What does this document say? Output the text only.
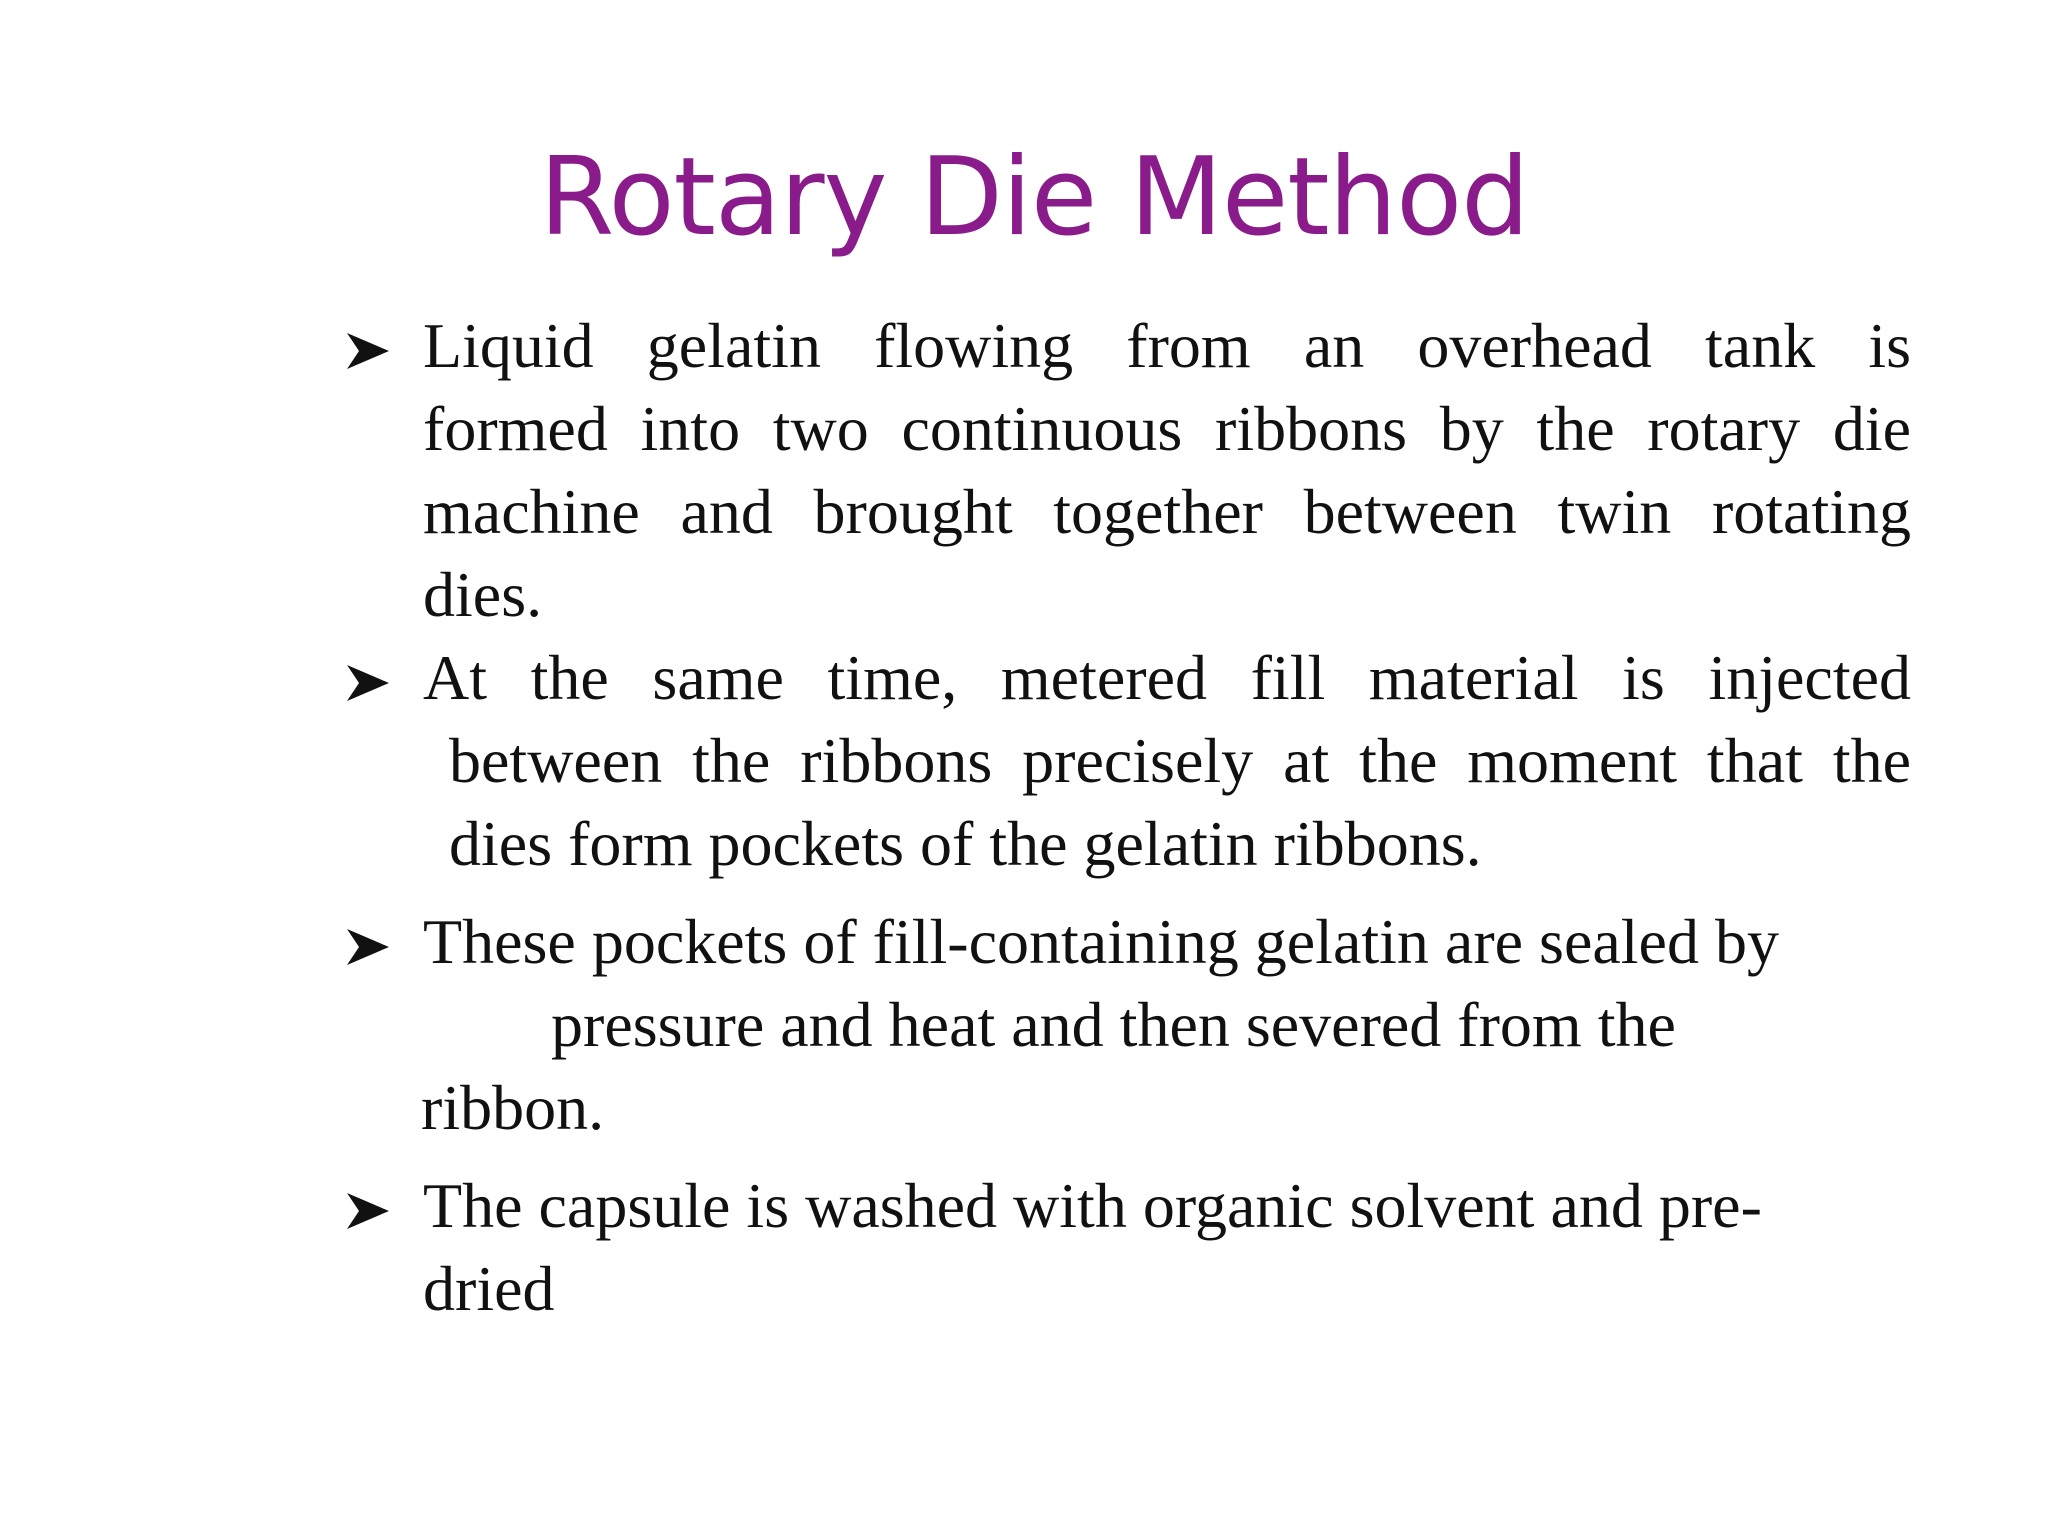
Rotary Die Method
Liquid gelatin flowing from an overhead tank is
formed into two continuous ribbons by the rotary die
machine and brought together between twin rotating
dies.
At the same time, metered fill material is injected
between the ribbons precisely at the moment that the
dies form pockets of the gelatin ribbons.
These pockets of fill-containing gelatin are sealed by
pressure and heat and then severed from the
ribbon.
The capsule is washed with organic solvent and pre-
dried
